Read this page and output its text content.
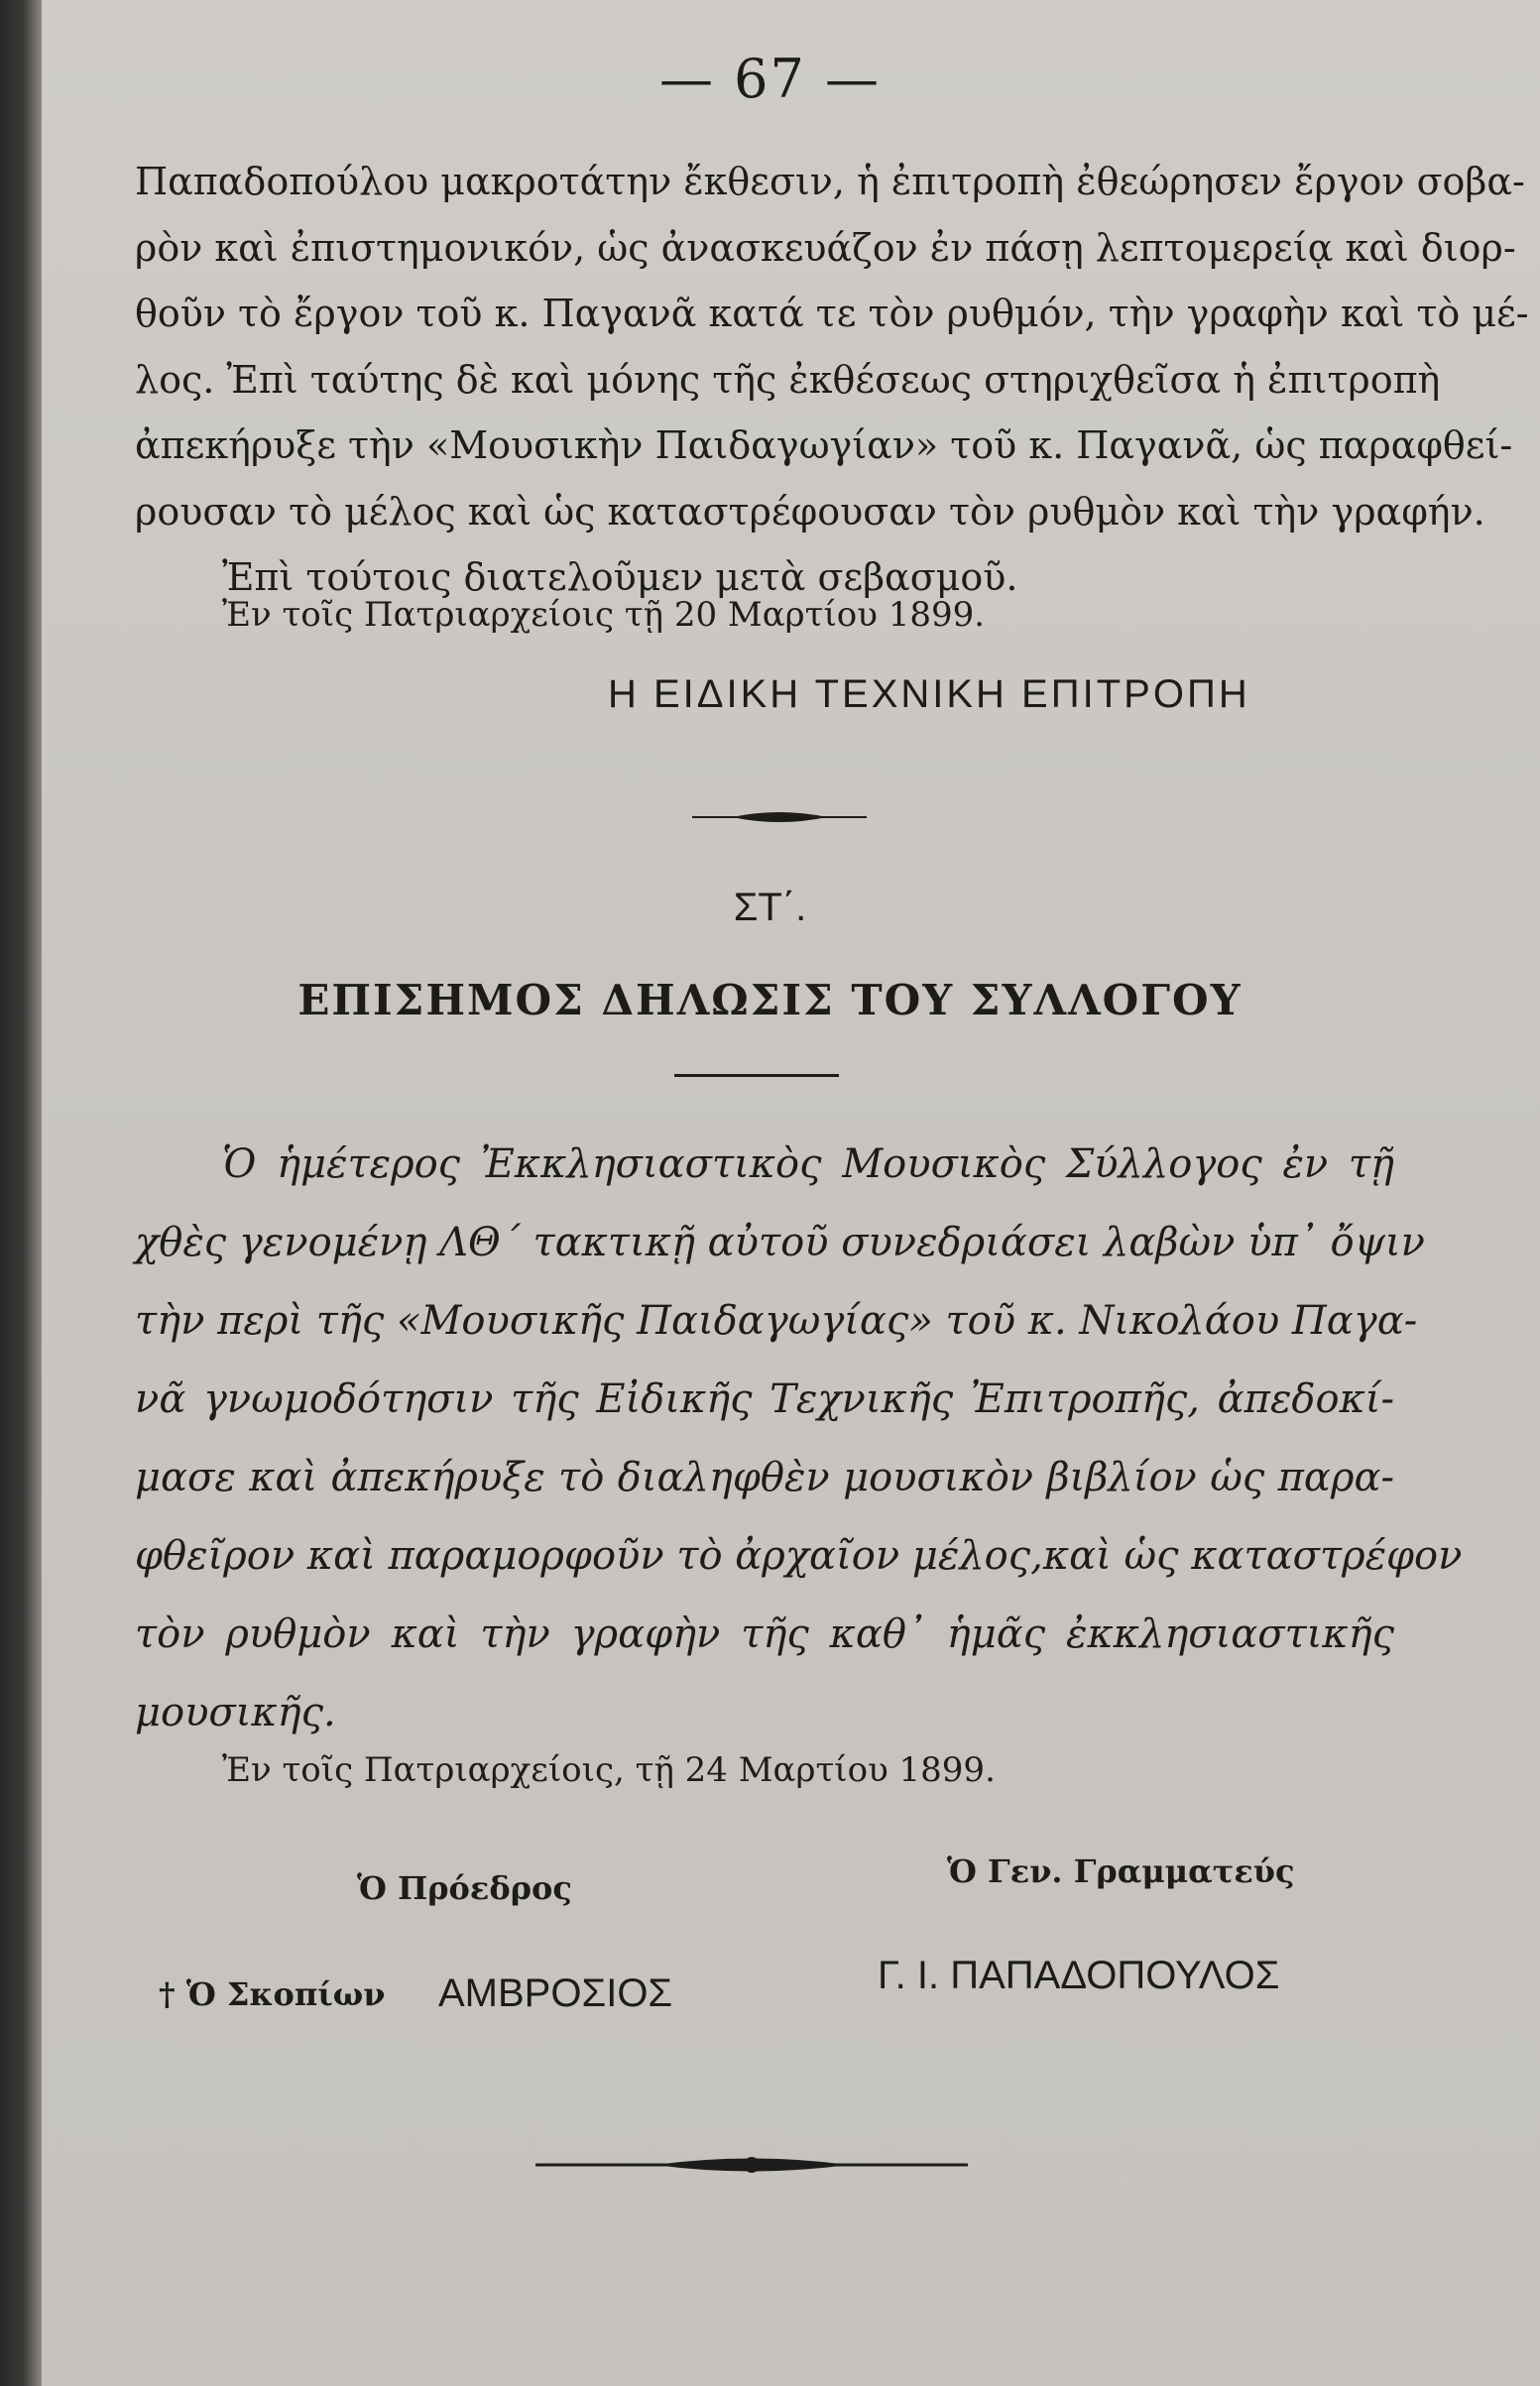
— 67 —
Παπαδοπούλου μακροτάτην ἔκθεσιν, ἡ ἐπιτροπὴ ἐθεώρησεν ἔργον σοβα-
ρὸν καὶ ἐπιστημονικόν, ὡς ἀνασκευάζον ἐν πάσῃ λεπτομερείᾳ καὶ διορ-
θοῦν τὸ ἔργον τοῦ κ. Παγανᾶ κατά τε τὸν ρυθμόν, τὴν γραφὴν καὶ τὸ μέ-
λος. Ἐπὶ ταύτης δὲ καὶ μόνης τῆς ἐκθέσεως στηριχθεῖσα ἡ ἐπιτροπὴ
ἀπεκήρυξε τὴν «Μουσικὴν Παιδαγωγίαν» τοῦ κ. Παγανᾶ, ὡς παραφθεί-
ρουσαν τὸ μέλος καὶ ὡς καταστρέφουσαν τὸν ρυθμὸν καὶ τὴν γραφήν.
Ἐπὶ τούτοις διατελοῦμεν μετὰ σεβασμοῦ.
Ἐν τοῖς Πατριαρχείοις τῇ 20 Μαρτίου 1899.
Η ΕΙΔΙΚΗ ΤΕΧΝΙΚΗ ΕΠΙΤΡΟΠΗ
ΣΤ΄.
ΕΠΙΣΗΜΟΣ ΔΗΛΩΣΙΣ ΤΟΥ ΣΥΛΛΟΓΟΥ
Ὁ ἡμέτερος Ἐκκλησιαστικὸς Μουσικὸς Σύλλογος ἐν τῇ
χθὲς γενομένῃ ΛΘ΄ τακτικῇ αὐτοῦ συνεδριάσει λαβὼν ὑπ᾿ ὄψιν
τὴν περὶ τῆς «Μουσικῆς Παιδαγωγίας» τοῦ κ. Νικολάου Παγα-
νᾶ γνωμοδότησιν τῆς Εἰδικῆς Τεχνικῆς Ἐπιτροπῆς, ἀπεδοκί-
μασε καὶ ἀπεκήρυξε τὸ διαληφθὲν μουσικὸν βιβλίον ὡς παρα-
φθεῖρον καὶ παραμορφοῦν τὸ ἀρχαῖον μέλος,καὶ ὡς καταστρέφον
τὸν ρυθμὸν καὶ τὴν γραφὴν τῆς καθ᾿ ἡμᾶς ἐκκλησιαστικῆς
μουσικῆς.
Ἐν τοῖς Πατριαρχείοις, τῇ 24 Μαρτίου 1899.
Ὁ Πρόεδρος	Ὁ Γεν. Γραμματεύς
† Ὁ Σκοπίων ΑΜΒΡΟΣΙΟΣ	Γ. Ι. ΠΑΠΑΔΟΠΟΥΛΟΣ
